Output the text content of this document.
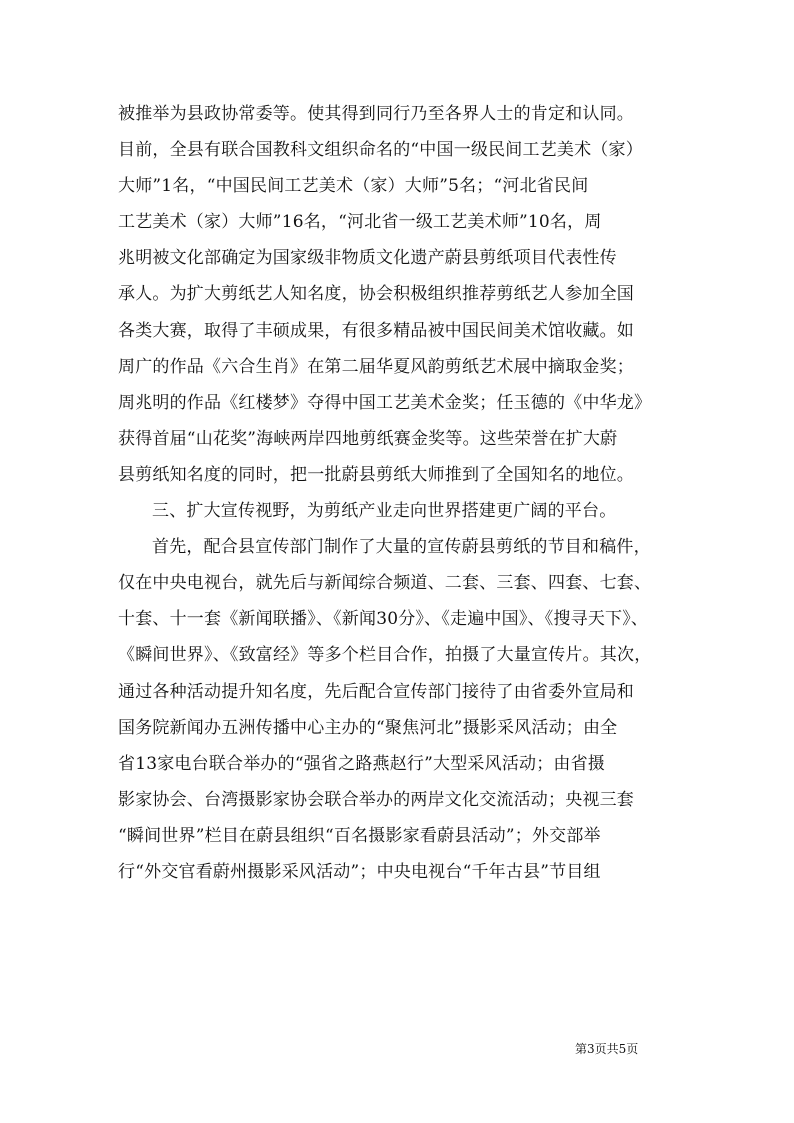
被推举为县政协常委等。使其得到同行乃至各界人士的肯定和认同。
目前，全县有联合国教科文组织命名的“中国一级民间工艺美术（家）
大师”1名，“中国民间工艺美术（家）大师”5名；“河北省民间
工艺美术（家）大师”16名，“河北省一级工艺美术师”10名，周
兆明被文化部确定为国家级非物质文化遗产蔚县剪纸项目代表性传
承人。为扩大剪纸艺人知名度，协会积极组织推荐剪纸艺人参加全国
各类大赛，取得了丰硕成果，有很多精品被中国民间美术馆收藏。如
周广的作品《六合生肖》在第二届华夏风韵剪纸艺术展中摘取金奖；
周兆明的作品《红楼梦》夺得中国工艺美术金奖；任玉德的《中华龙》
获得首届“山花奖”海峡两岸四地剪纸赛金奖等。这些荣誉在扩大蔚
县剪纸知名度的同时，把一批蔚县剪纸大师推到了全国知名的地位。
三、扩大宣传视野，为剪纸产业走向世界搭建更广阔的平台。
首先，配合县宣传部门制作了大量的宣传蔚县剪纸的节目和稿件，
仅在中央电视台，就先后与新闻综合频道、二套、三套、四套、七套、
十套、十一套《新闻联播》、《新闻30分》、《走遍中国》、《搜寻天下》、
《瞬间世界》、《致富经》等多个栏目合作，拍摄了大量宣传片。其次，
通过各种活动提升知名度，先后配合宣传部门接待了由省委外宣局和
国务院新闻办五洲传播中心主办的“聚焦河北”摄影采风活动；由全
省13家电台联合举办的“强省之路燕赵行”大型采风活动；由省摄
影家协会、台湾摄影家协会联合举办的两岸文化交流活动；央视三套
“瞬间世界”栏目在蔚县组织“百名摄影家看蔚县活动”；外交部举
行“外交官看蔚州摄影采风活动”；中央电视台“千年古县”节目组
第3页共5页
